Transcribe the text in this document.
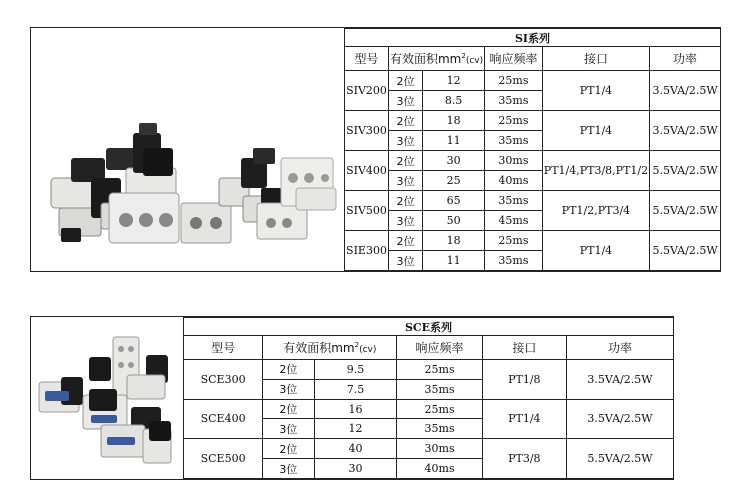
SI系列					
型号	有效面积$mm^2(cv)$		响应频率	接口	功率
SIV200	2位	12	25ms	PT1/4	3.5VA/2.5W
	3位	8.5	35ms		
SIV300	2位	18	25ms	PT1/4	3.5VA/2.5W
	3位	11	35ms		
SIV400	2位	30	30ms	PT1/4,PT3/8,PT1/2	5.5VA/2.5W
	3位	25	40ms		
SIV500	2位	65	35ms	PT1/2,PT3/4	5.5VA/2.5W
	3位	50	45ms		
SIE300	2位	18	25ms	PT1/4	5.5VA/2.5W
	3位	11	35ms		
SCE系列					
型号	有效面积$mm^2(cv)$		响应频率	接口	功率
SCE300	2位	9.5	25ms	PT1/8	3.5VA/2.5W
	3位	7.5	35ms		
SCE400	2位	16	25ms	PT1/4	3.5VA/2.5W
	3位	12	35ms		
SCE500	2位	40	30ms	PT3/8	5.5VA/2.5W
	3位	30	40ms		
